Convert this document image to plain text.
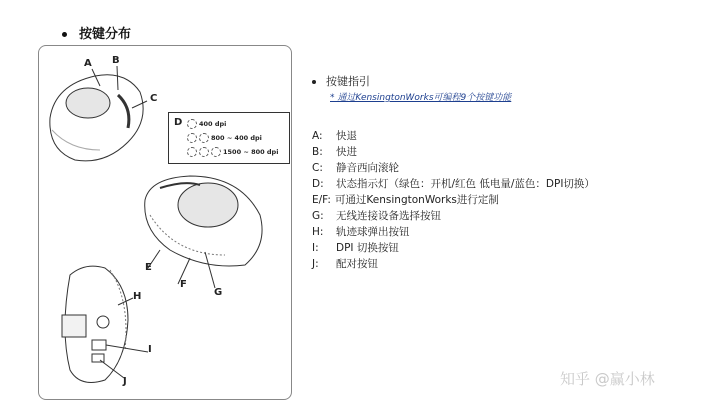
按键分布
A B
C
E
F
G
H
I
J
D	400 dpi
800 ~ 400 dpi
1500 ~ 800 dpi
按键指引
* 通过KensingtonWorks可编程9个按键功能
A: 快退
B: 快进
C: 静音西向滚轮
D: 状态指示灯（绿色：开机/红色 低电量/蓝色：DPI切换）
E/F: 可通过KensingtonWorks进行定制
G: 无线连接设备选择按钮
H: 轨迹球弹出按钮
I: DPI 切换按钮
J: 配对按钮
知乎 @赢小林
